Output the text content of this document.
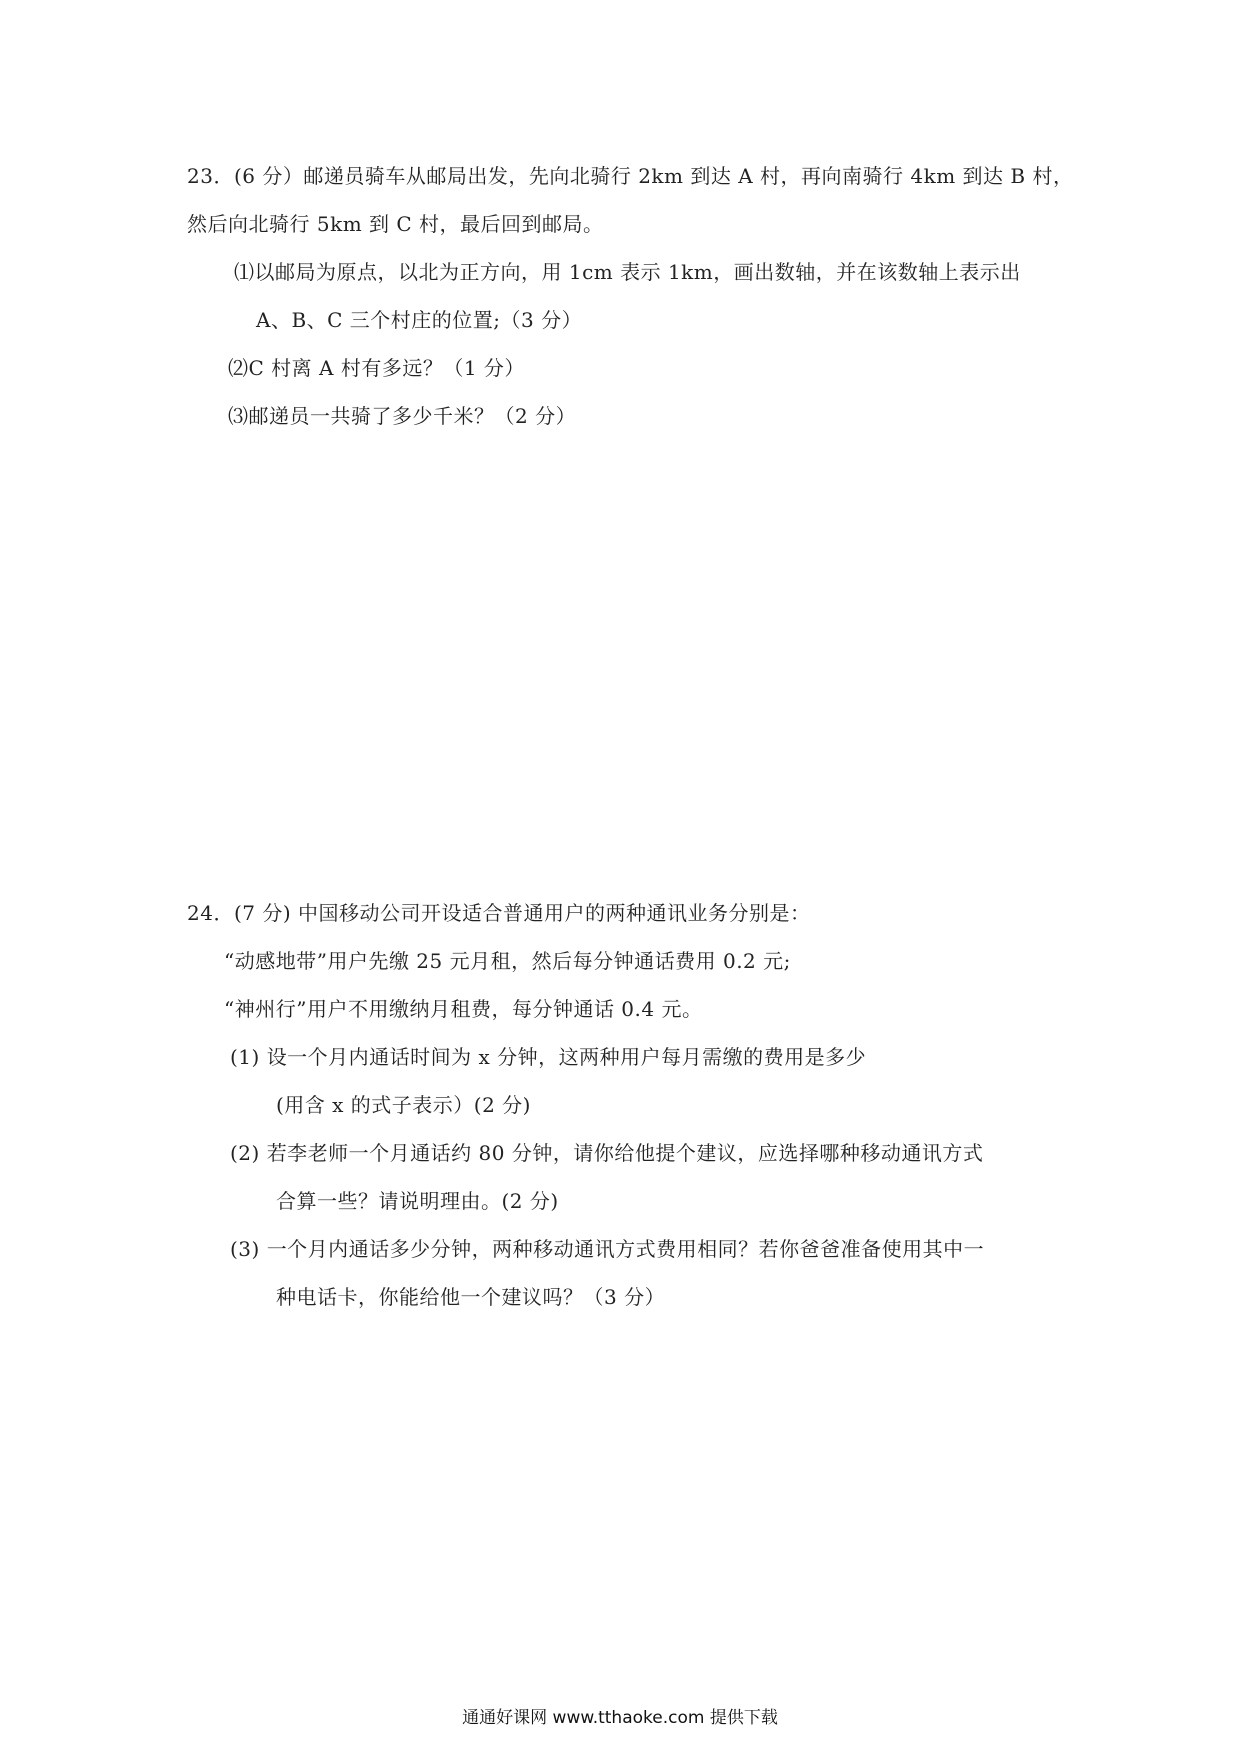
23．(6 分）邮递员骑车从邮局出发，先向北骑行 2km 到达 A 村，再向南骑行 4km 到达 B 村，
然后向北骑行 5km 到 C 村，最后回到邮局。
⑴以邮局为原点，以北为正方向，用 1cm 表示 1km，画出数轴，并在该数轴上表示出
A、B、C 三个村庄的位置;（3 分）
⑵C 村离 A 村有多远？（1 分）
⑶邮递员一共骑了多少千米？（2 分）
24．(7 分) 中国移动公司开设适合普通用户的两种通讯业务分别是：
“动感地带”用户先缴 25 元月租，然后每分钟通话费用 0.2 元;
“神州行”用户不用缴纳月租费，每分钟通话 0.4 元。
(1) 设一个月内通话时间为 x 分钟，这两种用户每月需缴的费用是多少
(用含 x 的式子表示）(2 分)
(2) 若李老师一个月通话约 80 分钟，请你给他提个建议，应选择哪种移动通讯方式
合算一些？请说明理由。(2 分)
(3) 一个月内通话多少分钟，两种移动通讯方式费用相同？若你爸爸准备使用其中一
种电话卡，你能给他一个建议吗？（3 分）
通通好课网 www.tthaoke.com 提供下载
